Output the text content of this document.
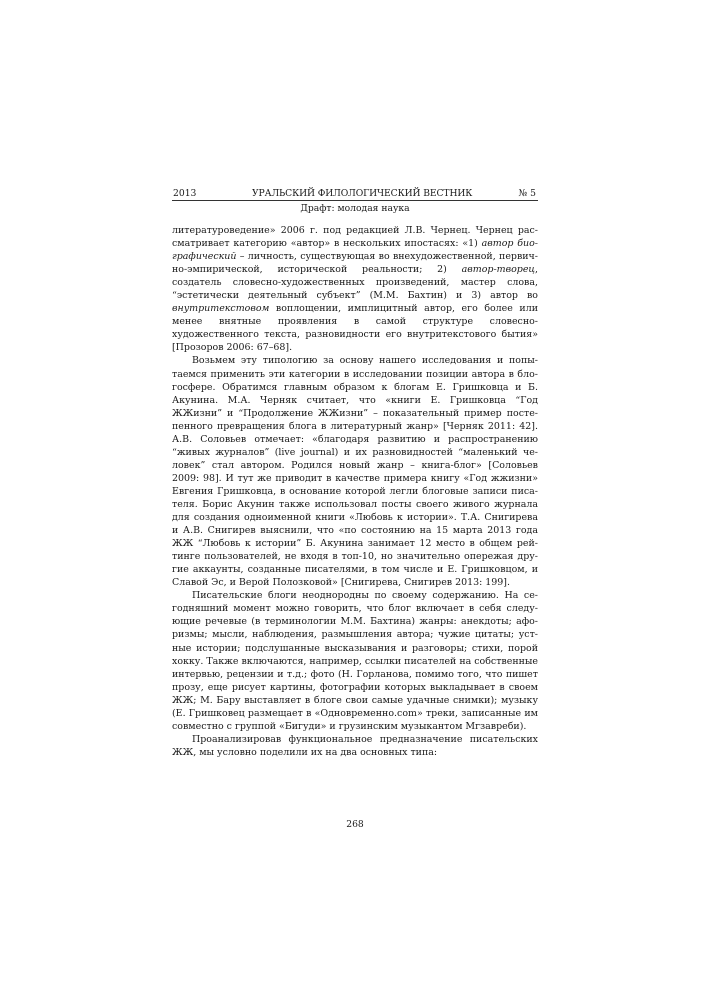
2013	УРАЛЬСКИЙ ФИЛОЛОГИЧЕСКИЙ ВЕСТНИК	№ 5
Драфт: молодая наука

литературоведение» 2006 г. под редакцией Л.В. Чернец. Чернец рассматривает категорию «автор» в нескольких ипостасях: «1) автор биографический – личность, существующая во внехудожественной, первично-эмпирической, исторической реальности; 2) автор-творец, создатель словесно-художественных произведений, мастер слова, “эстетически деятельный субъект” (М.М. Бахтин) и 3) автор во внутритекстовом воплощении, имплицитный автор, его более или менее внятные проявления в самой структуре словесно-художественного текста, разновидности его внутритекстового бытия» [Прозоров 2006: 67–68].

Возьмем эту типологию за основу нашего исследования и попытаемся применить эти категории в исследовании позиции автора в блогосфере. Обратимся главным образом к блогам Е. Гришковца и Б. Акунина. М.А. Черняк считает, что «книги Е. Гришковца “Год ЖЖизни” и “Продолжение ЖЖизни” – показательный пример постепенного превращения блога в литературный жанр» [Черняк 2011: 42]. А.В. Соловьев отмечает: «благодаря развитию и распространению “живых журналов” (live journal) и их разновидностей “маленький человек” стал автором. Родился новый жанр – книга-блог» [Соловьев 2009: 98]. И тут же приводит в качестве примера книгу «Год жжизни» Евгения Гришковца, в основание которой легли блоговые записи писателя. Борис Акунин также использовал посты своего живого журнала для создания одноименной книги «Любовь к истории». Т.А. Снигирева и А.В. Снигирев выяснили, что «по состоянию на 15 марта 2013 года ЖЖ “Любовь к истории” Б. Акунина занимает 12 место в общем рейтинге пользователей, не входя в топ-10, но значительно опережая другие аккаунты, созданные писателями, в том числе и Е. Гришковцом, и Славой Эс, и Верой Полозковой» [Снигирева, Снигирев 2013: 199].

Писательские блоги неоднородны по своему содержанию. На сегодняшний момент можно говорить, что блог включает в себя следующие речевые (в терминологии М.М. Бахтина) жанры: анекдоты; афоризмы; мысли, наблюдения, размышления автора; чужие цитаты; устные истории; подслушанные высказывания и разговоры; стихи, порой хокку. Также включаются, например, ссылки писателей на собственные интервью, рецензии и т.д.; фото (Н. Горланова, помимо того, что пишет прозу, еще рисует картины, фотографии которых выкладывает в своем ЖЖ; М. Бару выставляет в блоге свои самые удачные снимки); музыку (Е. Гришковец размещает в «Одновременно.com» треки, записанные им совместно с группой «Бигуди» и грузинским музыкантом Мгзавреби).

Проанализировав функциональное предназначение писательских ЖЖ, мы условно поделили их на два основных типа:

268
